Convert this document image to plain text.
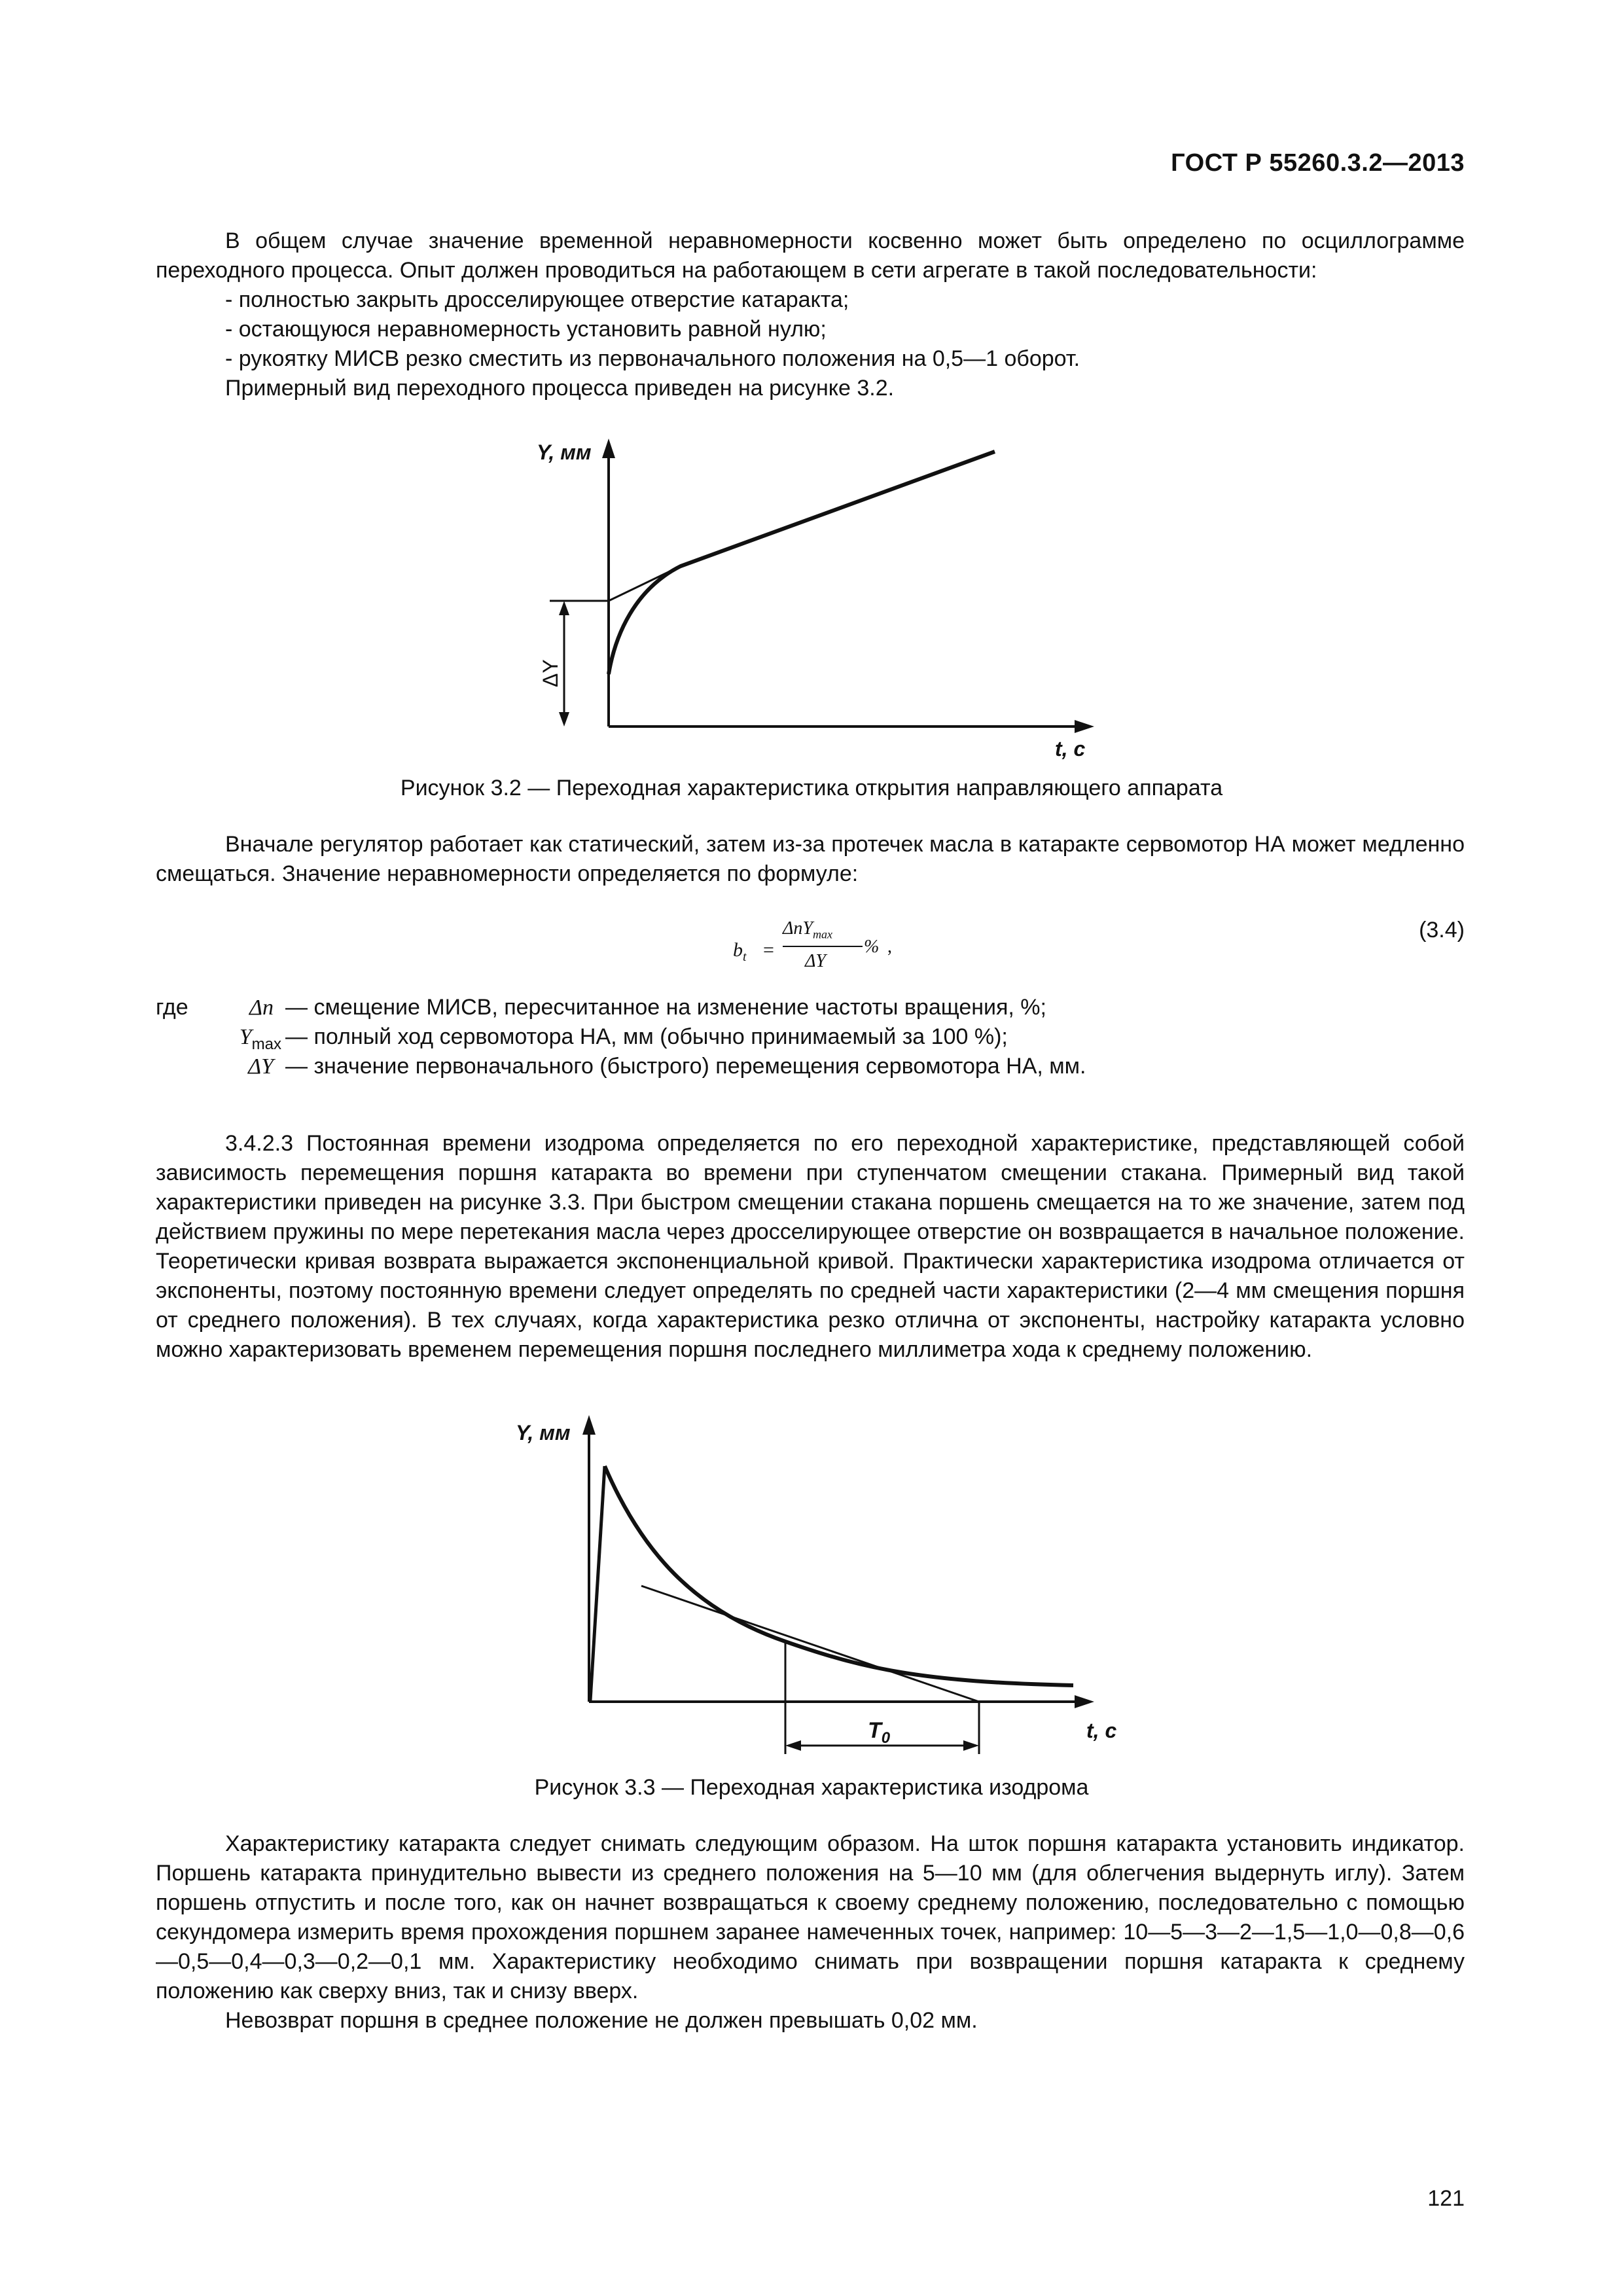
ГОСТ Р 55260.3.2—2013

В общем случае значение временной неравномерности косвенно может быть определено по осциллограмме переходного процесса. Опыт должен проводиться на работающем в сети агрегате в такой последовательности:

- полностью закрыть дросселирующее отверстие катаракта;

- остающуюся неравномерность установить равной нулю;

- рукоятку МИСВ резко сместить из первоначального положения на 0,5—1 оборот.

Примерный вид переходного процесса приведен на рисунке 3.2.

Y, мм
t, с
ΔY
Рисунок 3.2 — Переходная характеристика открытия направляющего аппарата

Вначале регулятор работает как статический, затем из-за протечек масла в катаракте сервомотор НА может медленно смещаться. Значение неравномерности определяется по формуле:

$b_t$ =
ΔnY$_{max}$
ΔY
% ,
(3.4)
где	Δn — смещение МИСВ, пересчитанное на изменение частоты вращения, %;
$Y_{max}$ — полный ход сервомотора НА, мм (обычно принимаемый за 100 %);
ΔY — значение первоначального (быстрого) перемещения сервомотора НА, мм.

3.4.2.3 Постоянная времени изодрома определяется по его переходной характеристике, представляющей собой зависимость перемещения поршня катаракта во времени при ступенчатом смещении стакана. Примерный вид такой характеристики приведен на рисунке 3.3. При быстром смещении стакана поршень смещается на то же значение, затем под действием пружины по мере перетекания масла через дросселирующее отверстие он возвращается в начальное положение. Теоретически кривая возврата выражается экспоненциальной кривой. Практически характеристика изодрома отличается от экспоненты, поэтому постоянную времени следует определять по средней части характеристики (2—4 мм смещения поршня от среднего положения). В тех случаях, когда характеристика резко отлична от экспоненты, настройку катаракта условно можно характеризовать временем перемещения поршня последнего миллиметра хода к среднему положению.

Y, мм
t, с
$T_0$
Рисунок 3.3 — Переходная характеристика изодрома

Характеристику катаракта следует снимать следующим образом. На шток поршня катаракта установить индикатор. Поршень катаракта принудительно вывести из среднего положения на 5—10 мм (для облегчения выдернуть иглу). Затем поршень отпустить и после того, как он начнет возвращаться к своему среднему положению, последовательно с помощью секундомера измерить время прохождения поршнем заранее намеченных точек, например: 10—5—3—2—1,5—1,0—0,8—0,6—0,5—0,4—0,3—0,2—0,1 мм. Характеристику необходимо снимать при возвращении поршня катаракта к среднему положению как сверху вниз, так и снизу вверх.

Невозврат поршня в среднее положение не должен превышать 0,02 мм.

121
